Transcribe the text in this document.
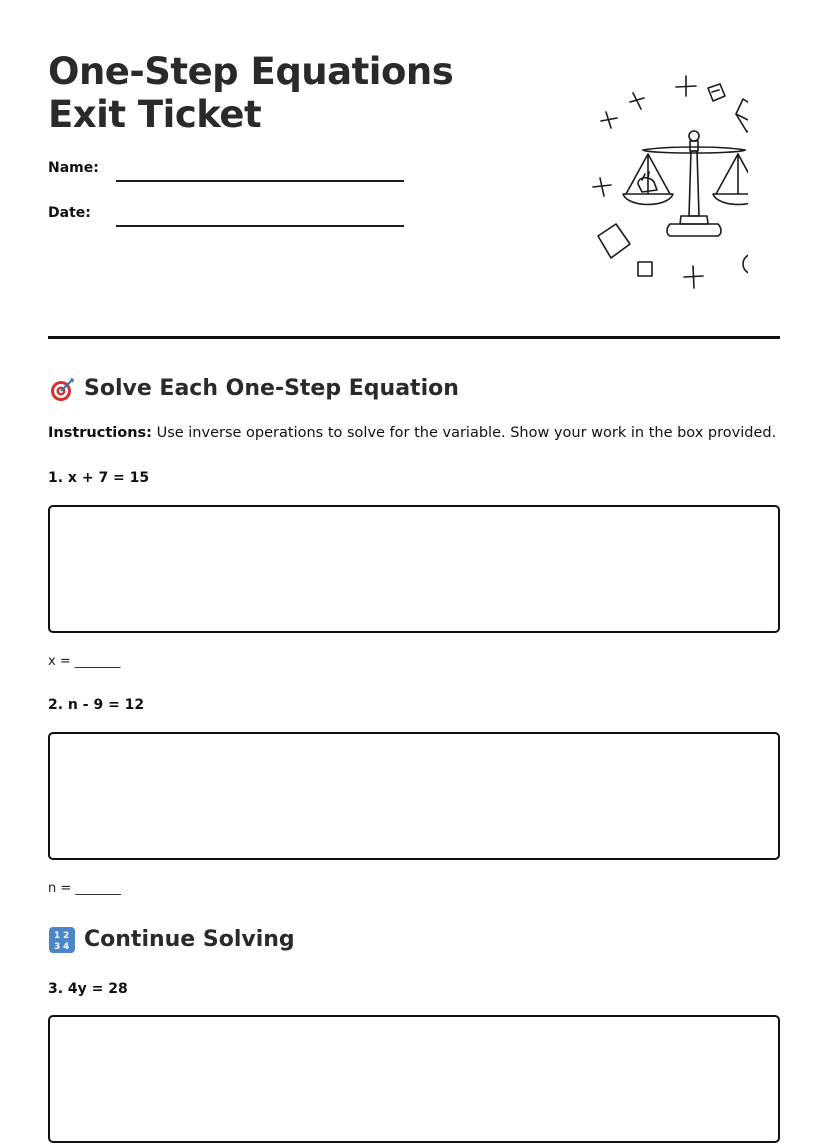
One-Step Equations Exit Ticket
Name:
Date:
Solve Each One-Step Equation
Instructions: Use inverse operations to solve for the variable. Show your work in the box provided.
1. x + 7 = 15
x = _______
2. n - 9 = 12
n = _______
1 2
3 4 Continue Solving
3. 4y = 28
